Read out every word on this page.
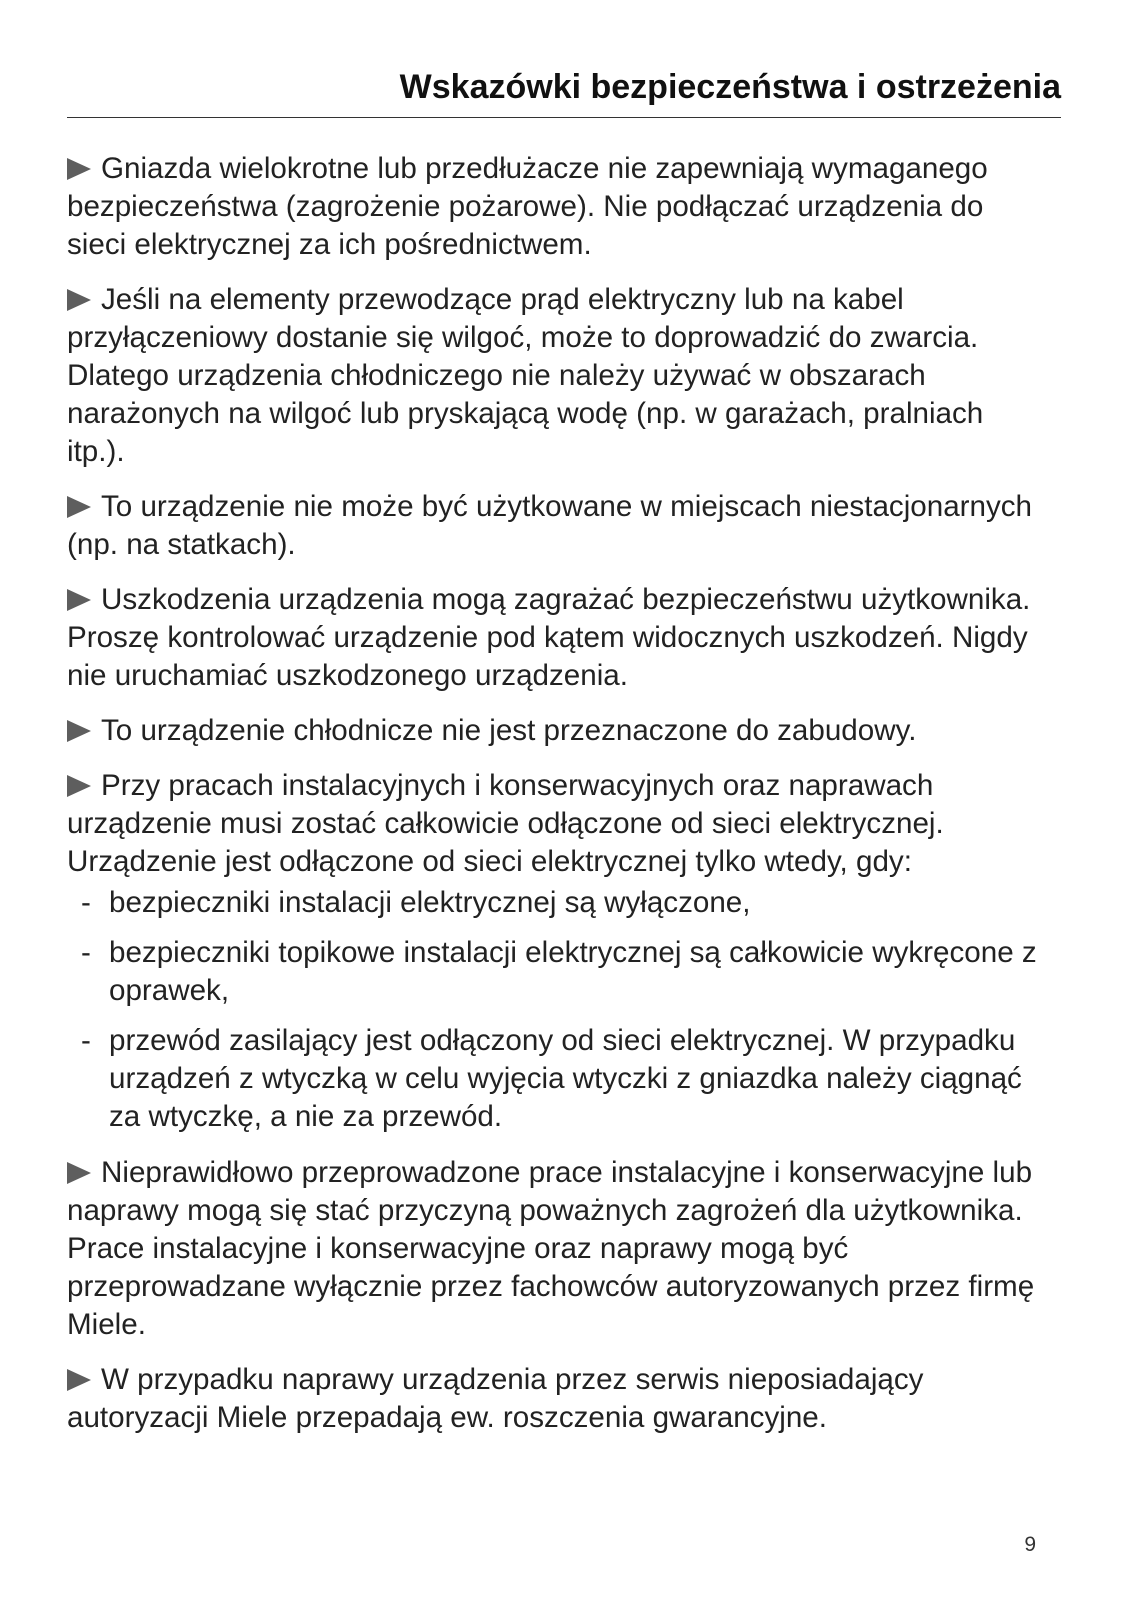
Wskazówki bezpieczeństwa i ostrzeżenia

Gniazda wielokrotne lub przedłużacze nie zapewniają wymaganego bezpieczeństwa (zagrożenie pożarowe). Nie podłączać urządzenia do sieci elektrycznej za ich pośrednictwem.

Jeśli na elementy przewodzące prąd elektryczny lub na kabel przyłączeniowy dostanie się wilgoć, może to doprowadzić do zwarcia. Dlatego urządzenia chłodniczego nie należy używać w obszarach narażonych na wilgoć lub pryskającą wodę (np. w garażach, pralniach itp.).

To urządzenie nie może być użytkowane w miejscach niestacjonarnych (np. na statkach).

Uszkodzenia urządzenia mogą zagrażać bezpieczeństwu użytkownika. Proszę kontrolować urządzenie pod kątem widocznych uszkodzeń. Nigdy nie uruchamiać uszkodzonego urządzenia.

To urządzenie chłodnicze nie jest przeznaczone do zabudowy.

Przy pracach instalacyjnych i konserwacyjnych oraz naprawach urządzenie musi zostać całkowicie odłączone od sieci elektrycznej. Urządzenie jest odłączone od sieci elektrycznej tylko wtedy, gdy:

- bezpieczniki instalacji elektrycznej są wyłączone,
- bezpieczniki topikowe instalacji elektrycznej są całkowicie wykręcone z oprawek,
- przewód zasilający jest odłączony od sieci elektrycznej. W przypadku urządzeń z wtyczką w celu wyjęcia wtyczki z gniazdka należy ciągnąć za wtyczkę, a nie za przewód.

Nieprawidłowo przeprowadzone prace instalacyjne i konserwacyjne lub naprawy mogą się stać przyczyną poważnych zagrożeń dla użytkownika.

Prace instalacyjne i konserwacyjne oraz naprawy mogą być przeprowadzane wyłącznie przez fachowców autoryzowanych przez firmę Miele.

W przypadku naprawy urządzenia przez serwis nieposiadający autoryzacji Miele przepadają ew. roszczenia gwarancyjne.

9
